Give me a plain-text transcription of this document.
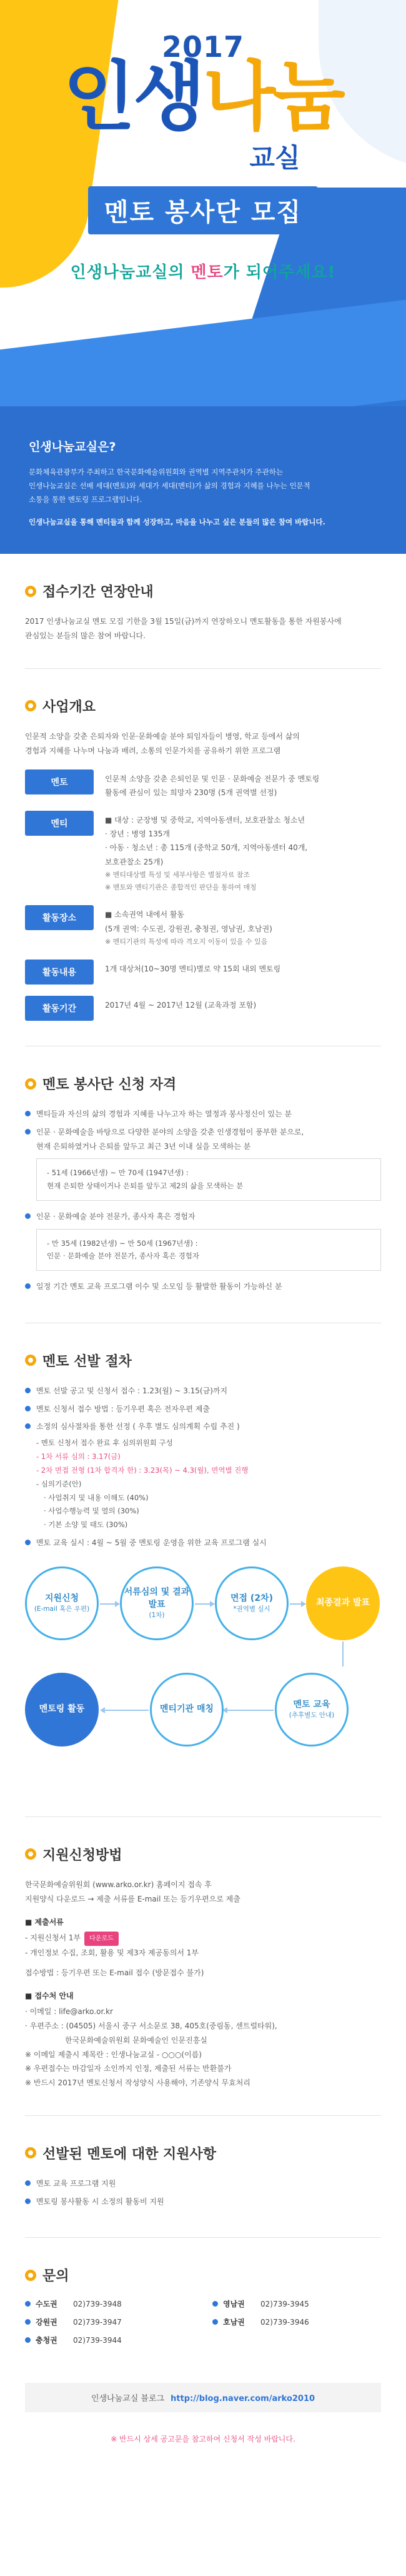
2017
인생나눔
교실
멘토 봉사단 모집
인생나눔교실의 멘토가 되어주세요!
인생나눔교실은?

문화체육관광부가 주최하고 한국문화예술위원회와 권역별 지역주관처가 주관하는

인생나눔교실은 선배 세대(멘토)와 세대가 세대(멘티)가 삶의 경험과 지혜를 나누는 인문적

소통을 통한 멘토링 프로그램입니다.

인생나눔교실을 통해 멘티들과 함께 성장하고, 마음을 나누고 싶은 분들의 많은 참여 바랍니다.

접수기간 연장안내
2017 인생나눔교실 멘토 모집 기한을 3월 15일(금)까지 연장하오니 멘토활동을 통한 자원봉사에
관심있는 분들의 많은 참여 바랍니다.
사업개요
인문적 소양을 갖춘 은퇴자와 인문·문화예술 분야 퇴임자들이 병영, 학교 등에서 삶의
경험과 지혜를 나누며 나눔과 배려, 소통의 인문가치를 공유하기 위한 프로그램
멘토	인문적 소양을 갖춘 은퇴인문 및 인문 · 문화예술 전문가 중 멘토링
활동에 관심이 있는 희망자 230명 (5개 권역별 선정)
멘티	■ 대상 : 군장병 및 중학교, 지역아동센터, 보호관찰소 청소년
· 장년 : 병영 135개
· 아동 · 청소년 : 총 115개 (중학교 50개, 지역아동센터 40개,
보호관찰소 25개)
※ 멘티대상별 특성 및 세부사항은 별첨자료 참조
※ 멘토와 멘티기관은 종합적인 판단을 통하여 매칭
활동장소	■ 소속권역 내에서 활동
(5개 권역: 수도권, 강원권, 충청권, 영남권, 호남권)
※ 멘티기관의 특성에 따라 격오지 이동이 있을 수 있음
활동내용	1개 대상처(10~30명 멘티)별로 약 15회 내외 멘토링
활동기간	2017년 4월 ~ 2017년 12월 (교육과정 포함)
멘토 봉사단 신청 자격
멘티들과 자신의 삶의 경험과 지혜를 나누고자 하는 열정과 봉사정신이 있는 분
인문 · 문화예술을 바탕으로 다양한 분야의 소양을 갖춘 인생경험이 풍부한 분으로,
현재 은퇴하였거나 은퇴를 앞두고 최근 3년 이내 실을 모색하는 분
- 51세 (1966년생) ~ 만 70세 (1947년생) :
현재 은퇴한 상태이거나 은퇴를 앞두고 제2의 삶을 모색하는 분
인문 · 문화예술 분야 전문가, 종사자 혹은 경험자
- 만 35세 (1982년생) ~ 만 50세 (1967년생) :
인문 · 문화예술 분야 전문가, 종사자 혹은 경험자
일정 기간 멘토 교육 프로그램 이수 및 소모임 등 활발한 활동이 가능하신 분
멘토 선발 절차
멘토 선발 공고 및 신청서 접수 : 1.23(월) ~ 3.15(금)까지
멘토 신청서 접수 방법 : 등기우편 혹은 전자우편 제출
소정의 심사절차를 통한 선정 ( 우후 별도 심의계획 수립 추진 )
- 멘토 신청서 접수 완료 후 심의위원회 구성
- 1차 서류 심의 : 3.17(금)
- 2차 면접 전형 (1차 합격자 한) : 3.23(목) ~ 4.3(월), 면역별 진행
- 심의기준(안)
· 사업취지 및 내용 이해도 (40%)
· 사업수행능력 및 열의 (30%)
· 기본 소양 및 태도 (30%)
멘토 교육 실시 : 4월 ~ 5월 중 멘토링 운영을 위한 교육 프로그램 실시
지원신청
(E-mail 혹은 우편)
서류심의 및 결과발표
(1차)
면접 (2차)
*권역별 실시
최종결과 발표
멘토 교육
(추후별도 안내)
멘티기관 매칭
멘토링 활동
지원신청방법
한국문화예술위원회 (www.arko.or.kr) 홈페이지 접속 후
지원양식 다운로드 → 제출 서류를 E-mail 또는 등기우편으로 제출
■ 제출서류
- 지원신청서 1부 다운로드
- 개인정보 수집, 조회, 활용 및 제3자 제공동의서 1부
접수방법 : 등기우편 또는 E-mail 접수 (방문접수 불가)
■ 접수처 안내
· 이메일 : life@arko.or.kr
· 우편주소 : (04505) 서울시 중구 서소문로 38, 405호(중림동, 센트럴타워),
한국문화예술위원회 문화예술인 인문진흥실
※ 이메일 제출시 제목란 : 인생나눔교실 - ○○○(이름)
※ 우편접수는 마감일자 소인까지 인정, 제출된 서류는 반환불가
※ 반드시 2017년 멘토신청서 작성양식 사용해야, 기존양식 무효처리
선발된 멘토에 대한 지원사항
멘토 교육 프로그램 지원
멘토링 봉사활동 시 소정의 활동비 지원
문의
수도권	02)739-3948	영남권	02)739-3945
강원권	02)739-3947	호남권	02)739-3946
충청권	02)739-3944
인생나눔교실 블로그 http://blog.naver.com/arko2010
※ 반드시 상세 공고문을 참고하여 신청서 작성 바랍니다.
